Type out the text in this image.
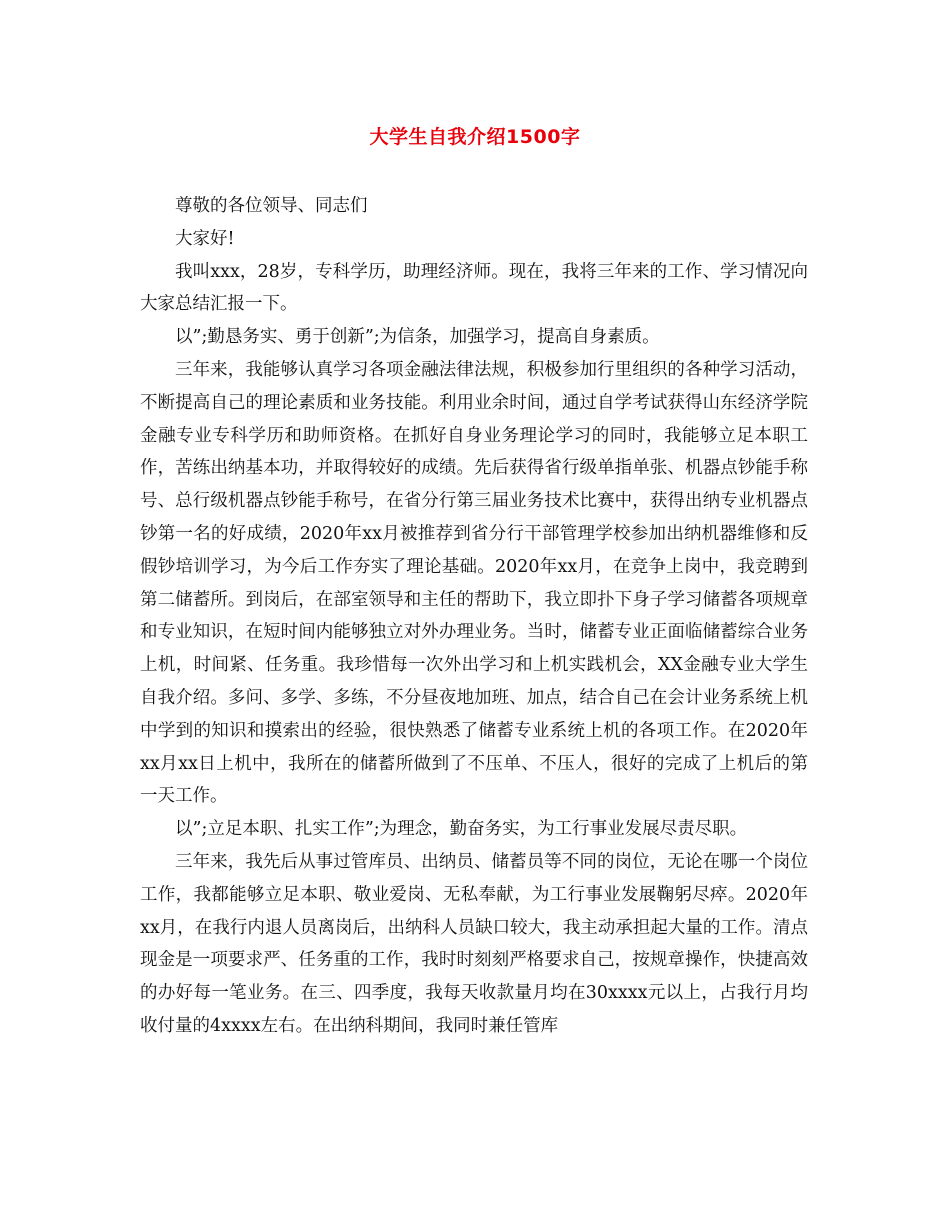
大学生自我介绍1500字

尊敬的各位领导、同志们

大家好!

我叫xxx，28岁，专科学历，助理经济师。现在，我将三年来的工作、学习情况向大家总结汇报一下。

以”;勤恳务实、勇于创新”;为信条，加强学习，提高自身素质。

三年来，我能够认真学习各项金融法律法规，积极参加行里组织的各种学习活动，不断提高自己的理论素质和业务技能。利用业余时间，通过自学考试获得山东经济学院金融专业专科学历和助师资格。在抓好自身业务理论学习的同时，我能够立足本职工作，苦练出纳基本功，并取得较好的成绩。先后获得省行级单指单张、机器点钞能手称号、总行级机器点钞能手称号，在省分行第三届业务技术比赛中，获得出纳专业机器点钞第一名的好成绩，2020年xx月被推荐到省分行干部管理学校参加出纳机器维修和反假钞培训学习，为今后工作夯实了理论基础。2020年xx月，在竞争上岗中，我竞聘到第二储蓄所。到岗后，在部室领导和主任的帮助下，我立即扑下身子学习储蓄各项规章和专业知识，在短时间内能够独立对外办理业务。当时，储蓄专业正面临储蓄综合业务上机，时间紧、任务重。我珍惜每一次外出学习和上机实践机会，XX金融专业大学生自我介绍。多问、多学、多练，不分昼夜地加班、加点，结合自己在会计业务系统上机中学到的知识和摸索出的经验，很快熟悉了储蓄专业系统上机的各项工作。在2020年xx月xx日上机中，我所在的储蓄所做到了不压单、不压人，很好的完成了上机后的第一天工作。

以”;立足本职、扎实工作”;为理念，勤奋务实，为工行事业发展尽责尽职。

三年来，我先后从事过管库员、出纳员、储蓄员等不同的岗位，无论在哪一个岗位工作，我都能够立足本职、敬业爱岗、无私奉献，为工行事业发展鞠躬尽瘁。2020年xx月，在我行内退人员离岗后，出纳科人员缺口较大，我主动承担起大量的工作。清点现金是一项要求严、任务重的工作，我时时刻刻严格要求自己，按规章操作，快捷高效的办好每一笔业务。在三、四季度，我每天收款量月均在30xxxx元以上，占我行月均收付量的4xxxx左右。在出纳科期间，我同时兼任管库
